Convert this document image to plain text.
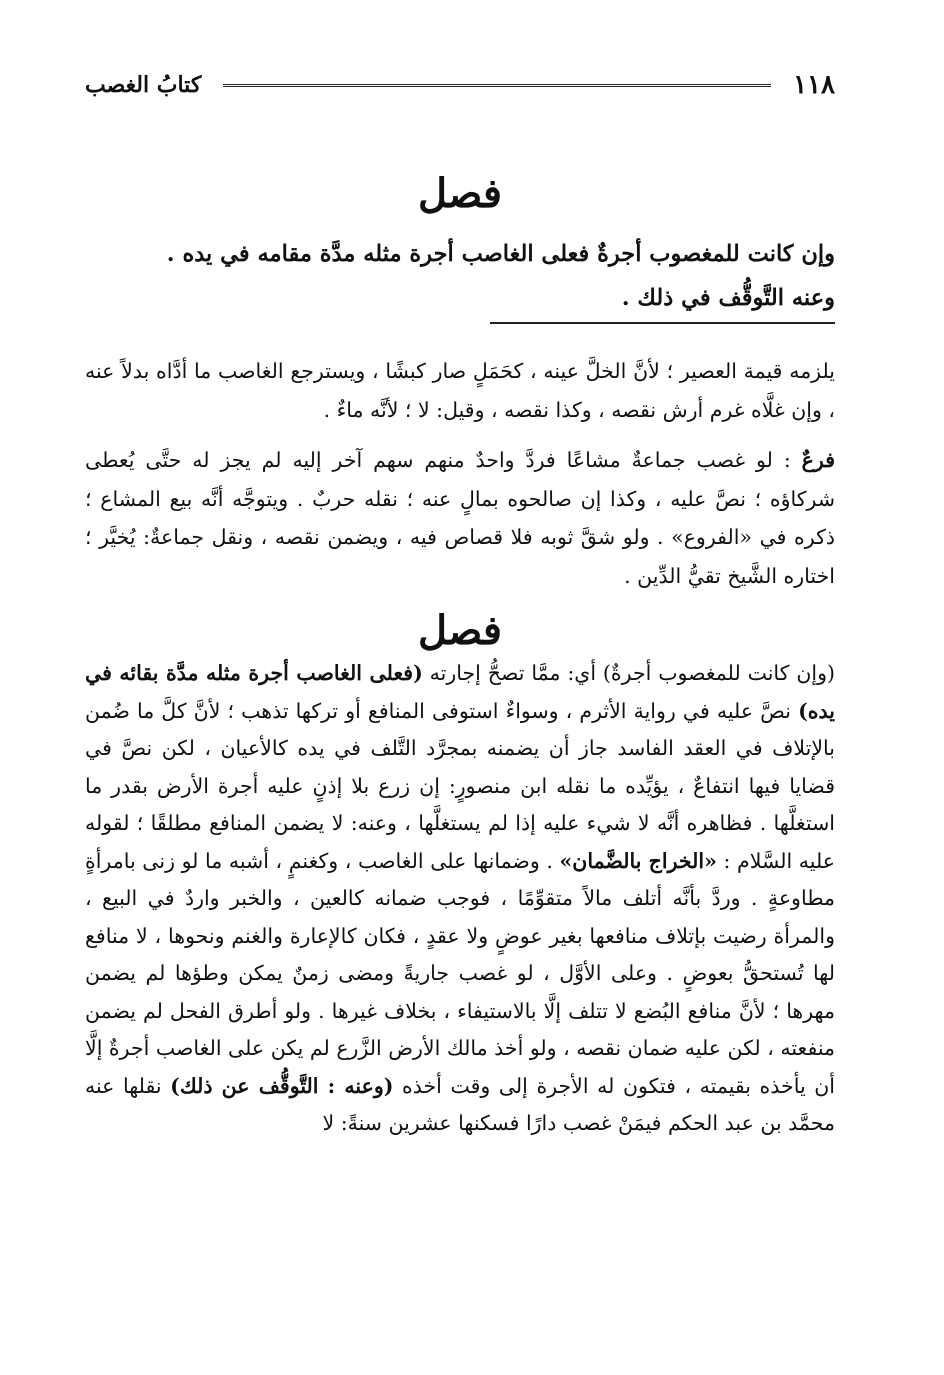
١١٨
كتابُ الغصب
فصل
وإن كانت للمغصوب أجرةٌ فعلى الغاصب أجرة مثله مدَّة مقامه في يده .
وعنه التَّوقُّف في ذلك .

يلزمه قيمة العصير ؛ لأنَّ الخلَّ عينه ، كحَمَلٍ صار كبشًا ، ويسترجع الغاصب ما أدَّاه بدلاً عنه ، وإن غلَّاه غرم أرش نقصه ، وكذا نقصه ، وقيل: لا ؛ لأنَّه ماءٌ .

فرعٌ : لو غصب جماعةٌ مشاعًا فردَّ واحدٌ منهم سهم آخر إليه لم يجز له حتَّى يُعطى شركاؤه ؛ نصَّ عليه ، وكذا إن صالحوه بمالٍ عنه ؛ نقله حربٌ . ويتوجَّه أنَّه بيع المشاع ؛ ذكره في «الفروع» . ولو شقَّ ثوبه فلا قصاص فيه ، ويضمن نقصه ، ونقل جماعةٌ: يُخيَّر ؛ اختاره الشَّيخ تقيُّ الدِّين .

فصل

(وإن كانت للمغصوب أجرةٌ) أي: ممَّا تصحُّ إجارته (فعلى الغاصب أجرة مثله مدَّة بقائه في يده) نصَّ عليه في رواية الأثرم ، وسواءٌ استوفى المنافع أو تركها تذهب ؛ لأنَّ كلَّ ما ضُمن بالإتلاف في العقد الفاسد جاز أن يضمنه بمجرَّد التَّلف في يده كالأعيان ، لكن نصَّ في قضايا فيها انتفاعٌ ، يؤيِّده ما نقله ابن منصورٍ: إن زرع بلا إذنٍ عليه أجرة الأرض بقدر ما استغلَّها . فظاهره أنَّه لا شيء عليه إذا لم يستغلَّها ، وعنه: لا يضمن المنافع مطلقًا ؛ لقوله عليه السَّلام : «الخراج بالضَّمان» . وضمانها على الغاصب ، وكغنمٍ ، أشبه ما لو زنى بامرأةٍ مطاوعةٍ . وردَّ بأنَّه أتلف مالاً متقوِّمًا ، فوجب ضمانه كالعين ، والخبر واردٌ في البيع ، والمرأة رضيت بإتلاف منافعها بغير عوضٍ ولا عقدٍ ، فكان كالإعارة والغنم ونحوها ، لا منافع لها تُستحقُّ بعوضٍ . وعلى الأوَّل ، لو غصب جاريةً ومضى زمنٌ يمكن وطؤها لم يضمن مهرها ؛ لأنَّ منافع البُضع لا تتلف إلَّا بالاستيفاء ، بخلاف غيرها . ولو أطرق الفحل لم يضمن منفعته ، لكن عليه ضمان نقصه ، ولو أخذ مالك الأرض الزَّرع لم يكن على الغاصب أجرةٌ إلَّا أن يأخذه بقيمته ، فتكون له الأجرة إلى وقت أخذه (وعنه : التَّوقُّف عن ذلك) نقلها عنه محمَّد بن عبد الحكم فيمَنْ غصب دارًا فسكنها عشرين سنةً: لا
